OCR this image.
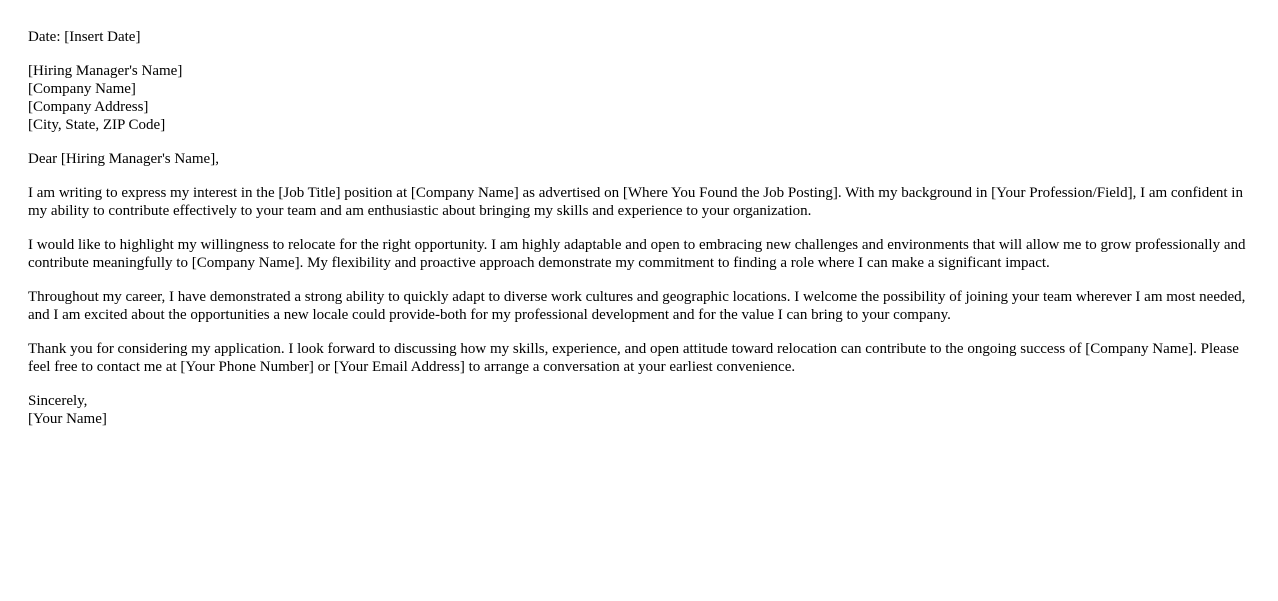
Date: [Insert Date]
[Hiring Manager's Name]
[Company Name]
[Company Address]
[City, State, ZIP Code]
Dear [Hiring Manager's Name],

I am writing to express my interest in the [Job Title] position at [Company Name] as advertised on [Where You Found the Job Posting]. With my background in [Your Profession/Field], I am confident in my ability to contribute effectively to your team and am enthusiastic about bringing my skills and experience to your organization.

I would like to highlight my willingness to relocate for the right opportunity. I am highly adaptable and open to embracing new challenges and environments that will allow me to grow professionally and contribute meaningfully to [Company Name]. My flexibility and proactive approach demonstrate my commitment to finding a role where I can make a significant impact.

Throughout my career, I have demonstrated a strong ability to quickly adapt to diverse work cultures and geographic locations. I welcome the possibility of joining your team wherever I am most needed, and I am excited about the opportunities a new locale could provide-both for my professional development and for the value I can bring to your company.

Thank you for considering my application. I look forward to discussing how my skills, experience, and open attitude toward relocation can contribute to the ongoing success of [Company Name]. Please feel free to contact me at [Your Phone Number] or [Your Email Address] to arrange a conversation at your earliest convenience.

Sincerely,
[Your Name]
